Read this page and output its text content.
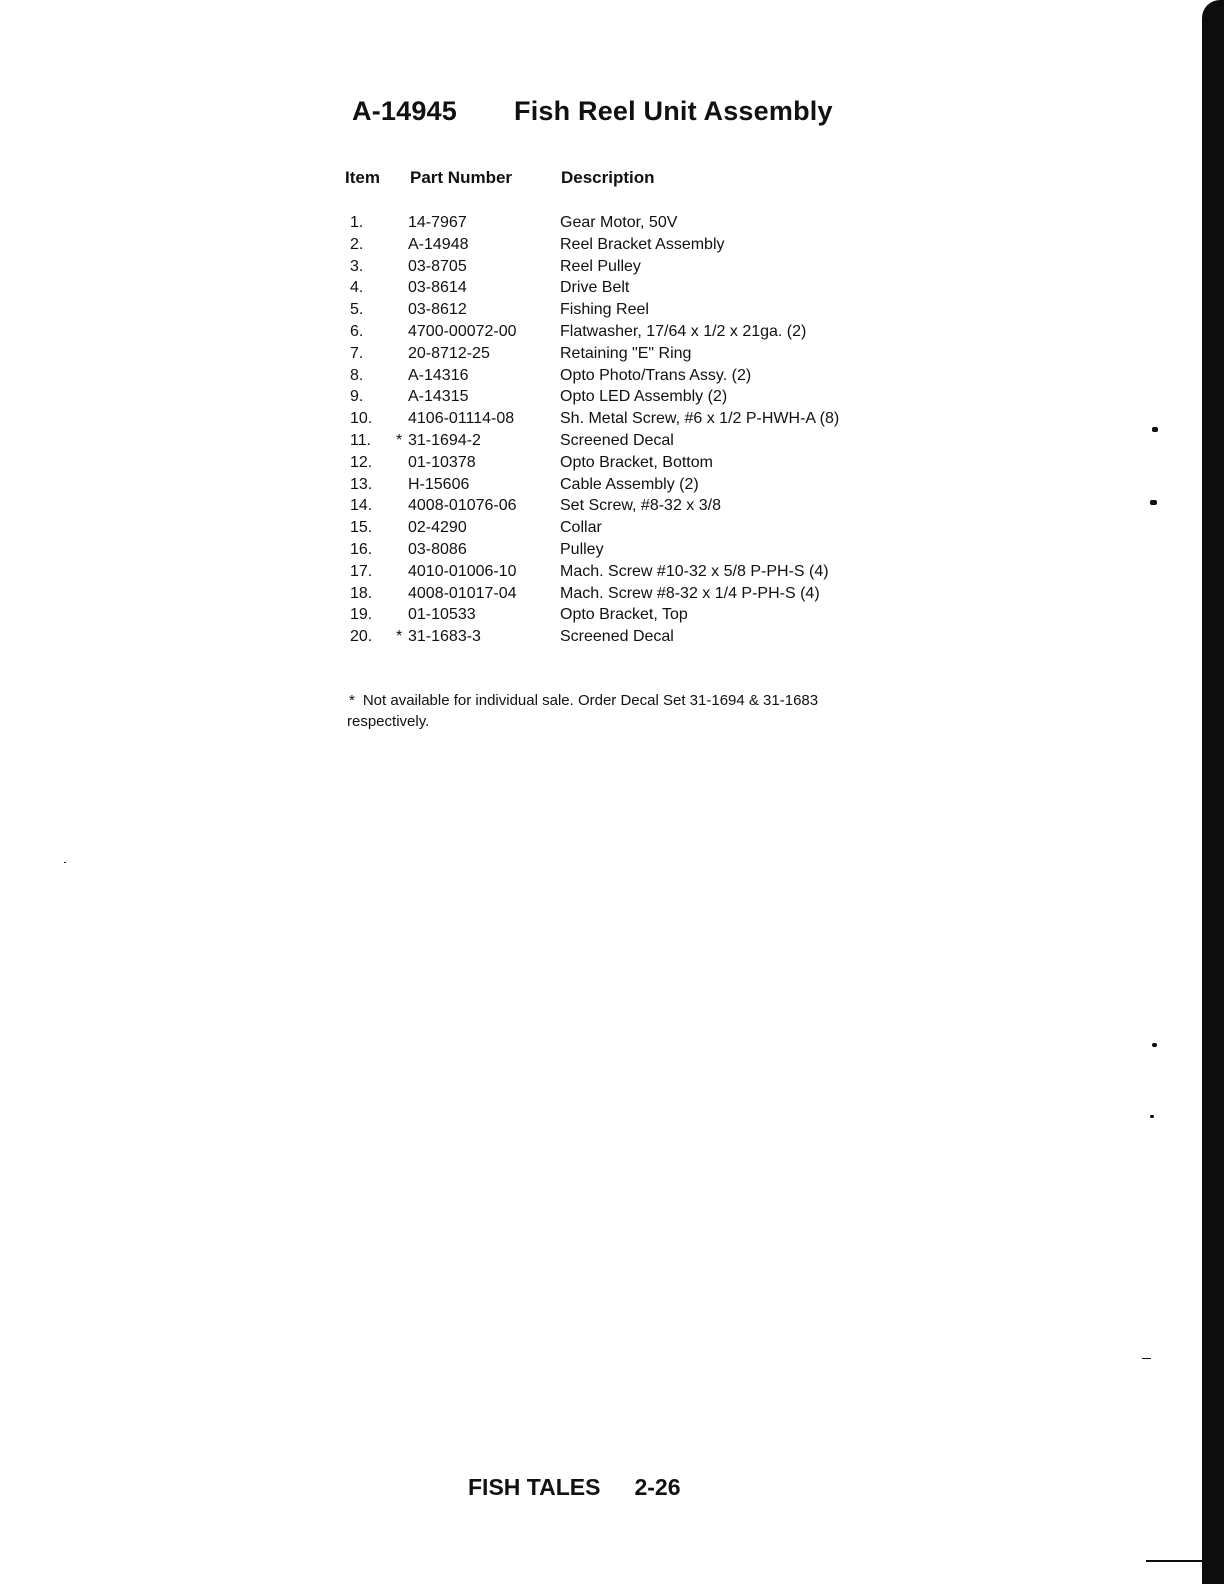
A-14945 Fish Reel Unit Assembly
Item Part Number	Description
1.	14-7967	Gear Motor, 50V
2.	A-14948	Reel Bracket Assembly
3.	03-8705	Reel Pulley
4.	03-8614	Drive Belt
5.	03-8612	Fishing Reel
6.	4700-00072-00	Flatwasher, 17/64 x 1/2 x 21ga. (2)
7.	20-8712-25	Retaining "E" Ring
8.	A-14316	Opto Photo/Trans Assy. (2)
9.	A-14315	Opto LED Assembly (2)
10. 4106-01114-08	Sh. Metal Screw, #6 x 1/2 P-HWH-A (8)
11. * 31-1694-2	Screened Decal
12. 01-10378	Opto Bracket, Bottom
13. H-15606	Cable Assembly (2)
14. 4008-01076-06	Set Screw, #8-32 x 3/8
15. 02-4290	Collar
16. 03-8086	Pulley
17. 4010-01006-10	Mach. Screw #10-32 x 5/8 P-PH-S (4)
18. 4008-01017-04	Mach. Screw #8-32 x 1/4 P-PH-S (4)
19. 01-10533	Opto Bracket, Top
20. * 31-1683-3	Screened Decal
* Not available for individual sale. Order Decal Set 31-1694 & 31-1683 respectively.
FISH TALES 2-26
